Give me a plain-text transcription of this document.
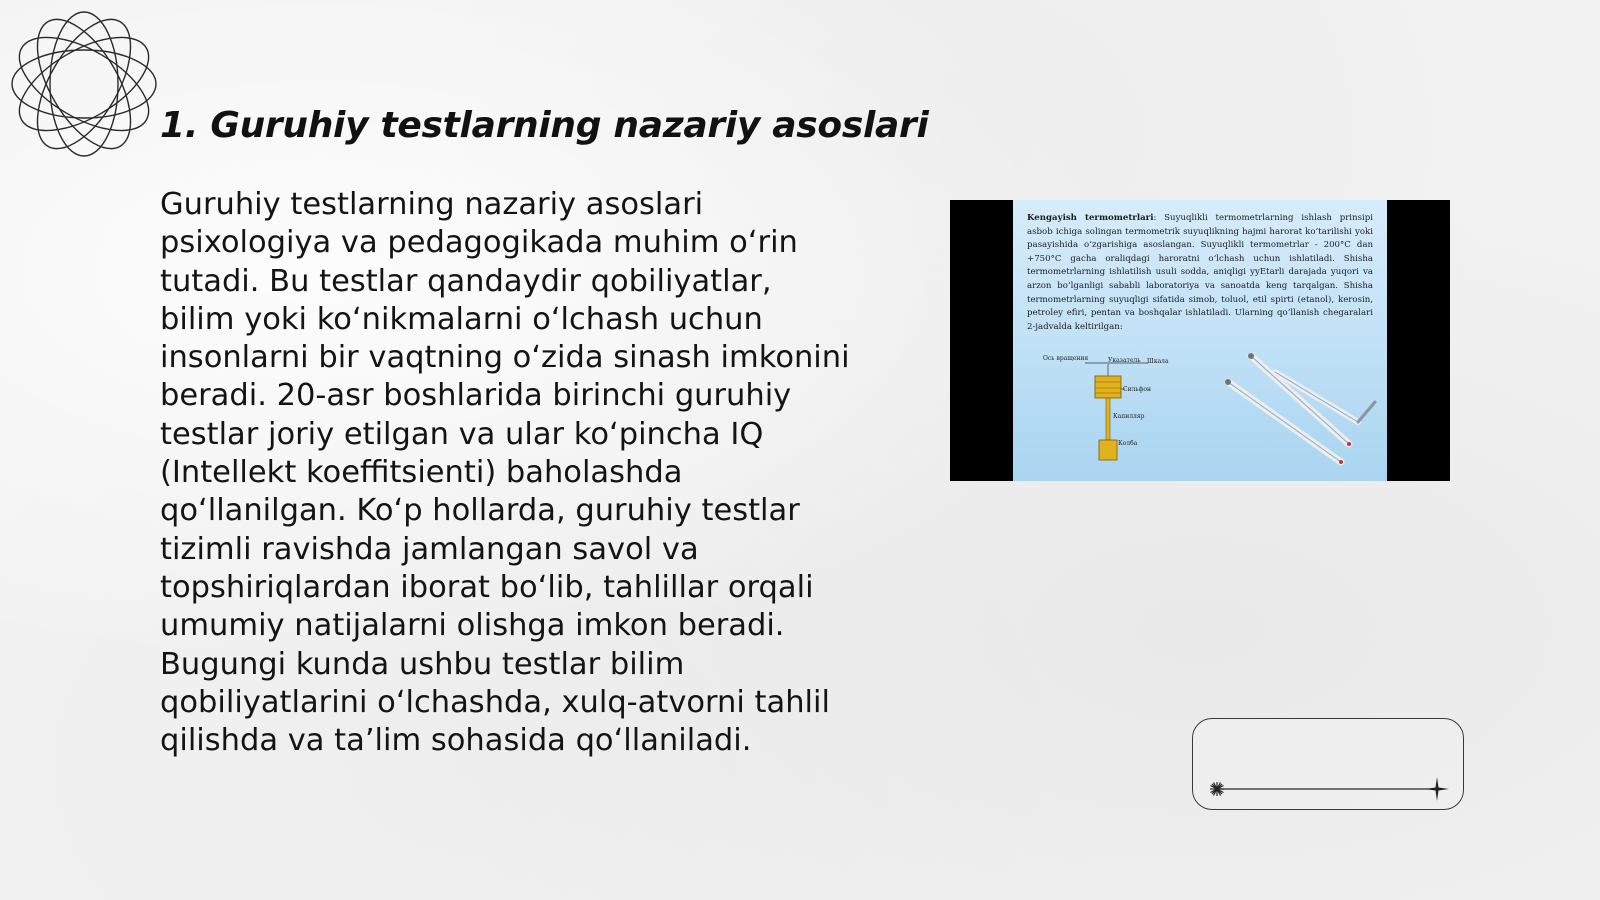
1. Guruhiy testlarning nazariy asoslari

Guruhiy testlarning nazariy asoslari psixologiya va pedagogikada muhim o‘rin tutadi. Bu testlar qandaydir qobiliyatlar, bilim yoki ko‘nikmalarni o‘lchash uchun insonlarni bir vaqtning o‘zida sinash imkonini beradi. 20-asr boshlarida birinchi guruhiy testlar joriy etilgan va ular ko‘pincha IQ (Intellekt koeffitsienti) baholashda qo‘llanilgan. Ko‘p hollarda, guruhiy testlar tizimli ravishda jamlangan savol va topshiriqlardan iborat bo‘lib, tahlillar orqali umumiy natijalarni olishga imkon beradi. Bugungi kunda ushbu testlar bilim qobiliyatlarini o‘lchashda, xulq-atvorni tahlil qilishda va ta’lim sohasida qo‘llaniladi.

Kengayish termometrlari: Suyuqlikli termometrlarning ishlash prinsipi asbob ichiga solingan termometrik suyuqlikning hajmi harorat ko‘tarilishi yoki pasayishida o‘zgarishiga asoslangan. Suyuqlikli termometrlar - 200°C dan +750°C gacha oraliqdagi haroratni o‘lchash uchun ishlatiladi. Shisha termometrlarning ishlatilish usuli sodda, aniqligi yyEtarli darajada yuqori va arzon bo‘lganligi sababli laboratoriya va sanoatda keng tarqalgan. Shisha termometrlarning suyuqligi sifatida simob, toluol, etil spirti (etanol), kerosin, petroley efiri, pentan va boshqalar ishlatiladi. Ularning qo‘llanish chegaralari 2-jadvalda keltirilgan:

Ось вращения	Указатель Шкала
Сильфон
Капилляр
Колба
